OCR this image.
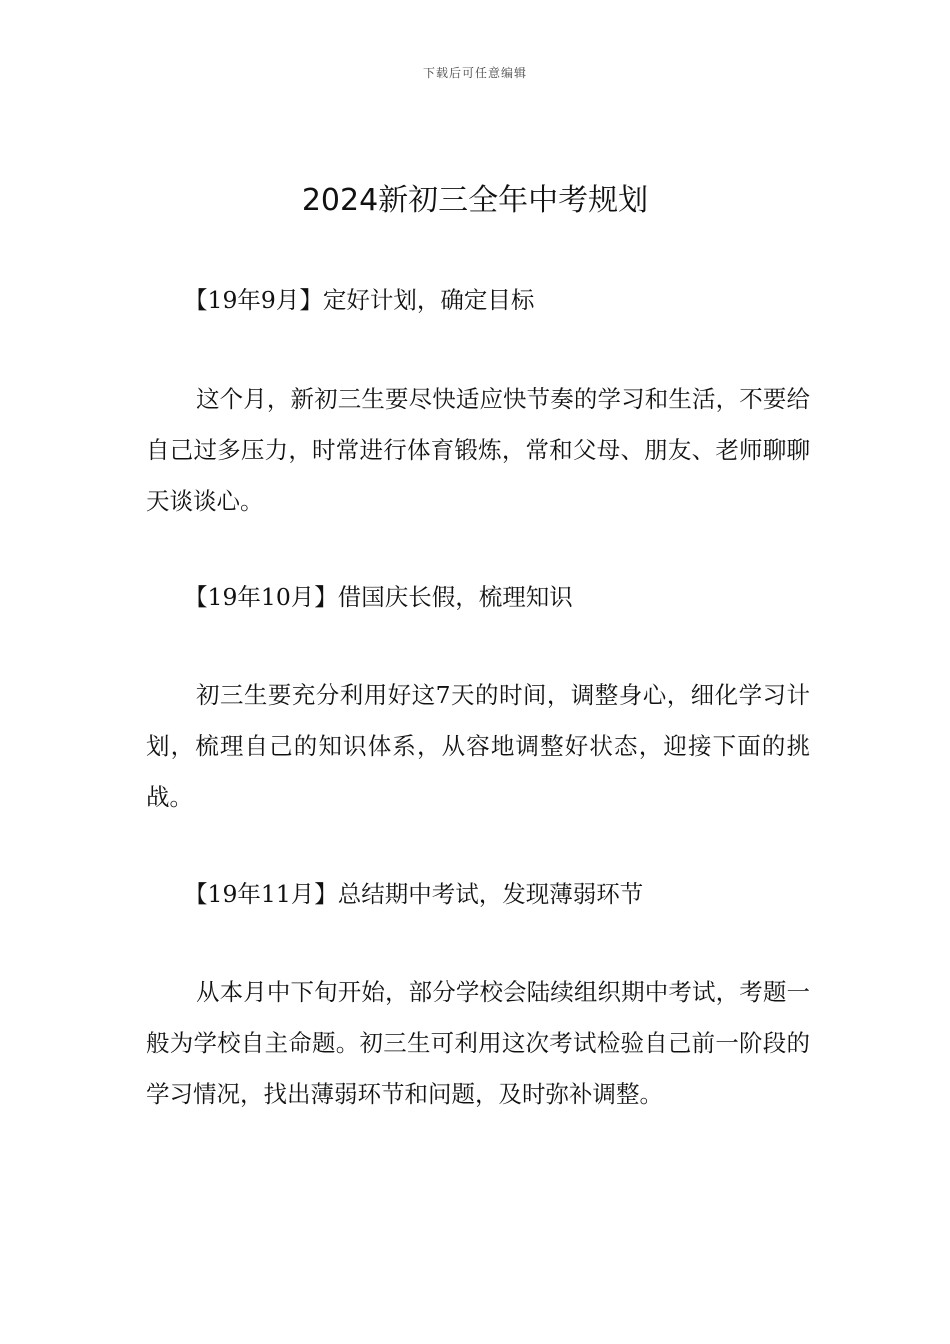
下载后可任意编辑
2024新初三全年中考规划

【19年9月】定好计划，确定目标

这个月，新初三生要尽快适应快节奏的学习和生活，不要给自己过多压力，时常进行体育锻炼，常和父母、朋友、老师聊聊天谈谈心。

【19年10月】借国庆长假，梳理知识

初三生要充分利用好这7天的时间，调整身心，细化学习计划，梳理自己的知识体系，从容地调整好状态，迎接下面的挑战。

【19年11月】总结期中考试，发现薄弱环节

从本月中下旬开始，部分学校会陆续组织期中考试，考题一般为学校自主命题。初三生可利用这次考试检验自己前一阶段的学习情况，找出薄弱环节和问题，及时弥补调整。
